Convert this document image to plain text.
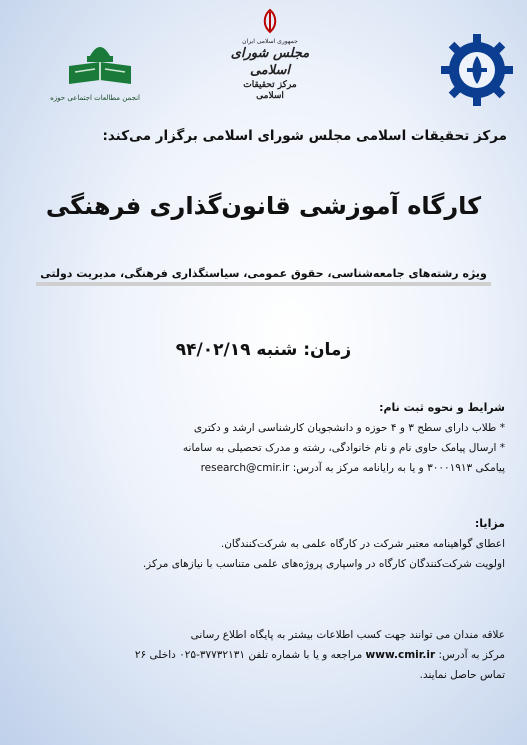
جمهوری اسلامی ایران
مجلس شورای اسلامی
مرکز تحقیقات اسلامی
انجمن مطالعات اجتماعی حوزه
مرکز تحقیقات اسلامی مجلس شورای اسلامی برگزار می‌کند:
کارگاه آموزشی قانون‌گذاری فرهنگی
ویژه رشته‌های جامعه‌شناسی، حقوق عمومی، سیاستگذاری فرهنگی، مدیریت دولتی
زمان: شنبه ۹۴/۰۲/۱۹
شرایط و نحوه ثبت نام:
* طلاب دارای سطح ۳ و ۴ حوزه و دانشجویان کارشناسی ارشد و دکتری
* ارسال پیامک حاوی نام و نام خانوادگی، رشته و مدرک تحصیلی به سامانه
پیامکی ۳۰۰۰۱۹۱۳ و یا به رایانامه مرکز به آدرس: research@cmir.ir
مزایا:
اعطای گواهینامه معتبر شرکت در کارگاه علمی به شرکت‌کنندگان.
اولویت شرکت‌کنندگان کارگاه در واسپاری پروژه‌های علمی متناسب با نیازهای مرکز.
علاقه مندان می توانند جهت کسب اطلاعات بیشتر به پایگاه اطلاع رسانی
مرکز به آدرس: www.cmir.ir مراجعه و یا با شماره تلفن ۳۷۷۳۲۱۳۱-۰۲۵ داخلی ۲۶
تماس حاصل نمایند.
